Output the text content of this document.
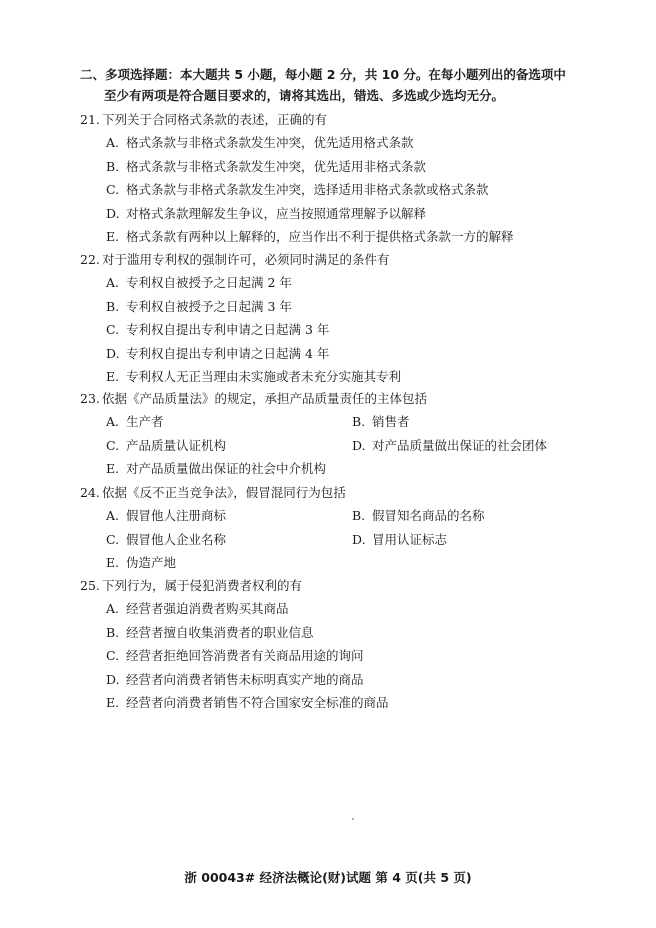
二、多项选择题：本大题共 5 小题，每小题 2 分，共 10 分。在每小题列出的备选项中
至少有两项是符合题目要求的，请将其选出，错选、多选或少选均无分。
21. 下列关于合同格式条款的表述，正确的有
A. 格式条款与非格式条款发生冲突，优先适用格式条款
B. 格式条款与非格式条款发生冲突，优先适用非格式条款
C. 格式条款与非格式条款发生冲突，选择适用非格式条款或格式条款
D. 对格式条款理解发生争议，应当按照通常理解予以解释
E. 格式条款有两种以上解释的，应当作出不利于提供格式条款一方的解释
22. 对于滥用专利权的强制许可，必须同时满足的条件有
A. 专利权自被授予之日起满 2 年
B. 专利权自被授予之日起满 3 年
C. 专利权自提出专利申请之日起满 3 年
D. 专利权自提出专利申请之日起满 4 年
E. 专利权人无正当理由未实施或者未充分实施其专利
23. 依据《产品质量法》的规定，承担产品质量责任的主体包括
A. 生产者	B. 销售者
C. 产品质量认证机构	D. 对产品质量做出保证的社会团体
E. 对产品质量做出保证的社会中介机构
24. 依据《反不正当竞争法》，假冒混同行为包括
A. 假冒他人注册商标	B. 假冒知名商品的名称
C. 假冒他人企业名称	D. 冒用认证标志
E. 伪造产地
25. 下列行为，属于侵犯消费者权利的有
A. 经营者强迫消费者购买其商品
B. 经营者擅自收集消费者的职业信息
C. 经营者拒绝回答消费者有关商品用途的询问
D. 经营者向消费者销售未标明真实产地的商品
E. 经营者向消费者销售不符合国家安全标准的商品
浙 00043# 经济法概论(财)试题 第 4 页(共 5 页)
